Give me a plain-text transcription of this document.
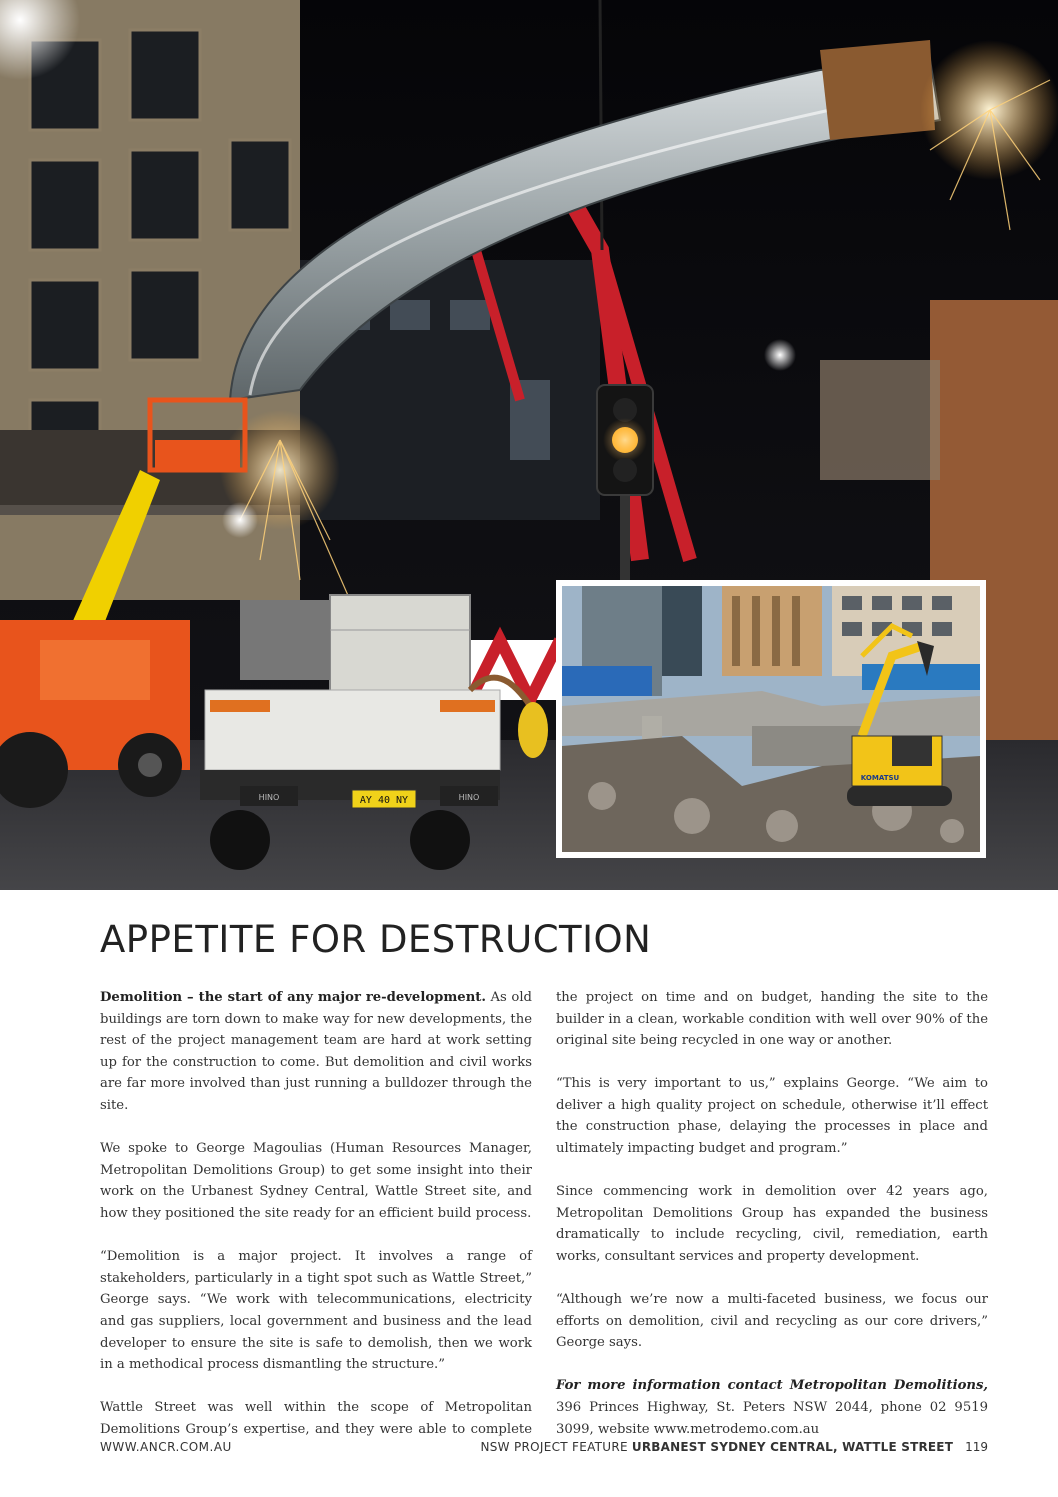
AY 40 NY
HINO	HINO
KOMATSU
APPETITE FOR DESTRUCTION

Demolition – the start of any major re-development. As old buildings are torn down to make way for new developments, the rest of the project management team are hard at work setting up for the construction to come. But demolition and civil works are far more involved than just running a bulldozer through the site.

We spoke to George Magoulias (Human Resources Manager, Metropolitan Demolitions Group) to get some insight into their work on the Urbanest Sydney Central, Wattle Street site, and how they positioned the site ready for an efficient build process.

“Demolition is a major project. It involves a range of stakeholders, particularly in a tight spot such as Wattle Street,” George says. “We work with telecommunications, electricity and gas suppliers, local government and business and the lead developer to ensure the site is safe to demolish, then we work in a methodical process dismantling the structure.”

Wattle Street was well within the scope of Metropolitan Demolitions Group’s expertise, and they were able to complete

“This is very important to us,” explains George. “We aim to deliver a high quality project on schedule, otherwise it’ll effect the construction phase, delaying the processes in place and ultimately impacting budget and program.”

Since commencing work in demolition over 42 years ago, Metropolitan Demolitions Group has expanded the business dramatically to include recycling, civil, remediation, earth works, consultant services and property development.

“Although we’re now a multi-faceted business, we focus our efforts on demolition, civil and recycling as our core drivers,” George says.

For more information contact Metropolitan Demolitions, 396 Princes Highway, St. Peters NSW 2044, phone 02 9519 3099, website www.metrodemo.com.au

the project on time and on budget, handing the site to the builder in a clean, workable condition with well over 90% of the original site being recycled in one way or another.

WWW.ANCR.COM.AU	NSW PROJECT FEATURE URBANEST SYDNEY CENTRAL, WATTLE STREET 119
